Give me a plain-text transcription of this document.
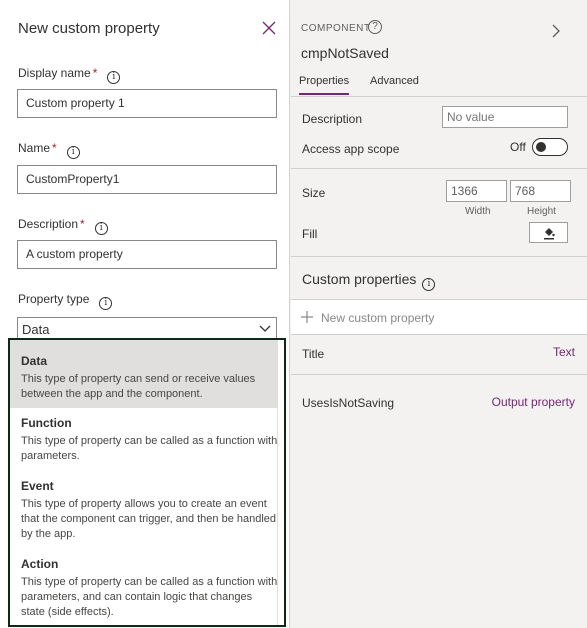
New custom property
Display name * i
Custom property 1
Name * i
CustomProperty1
Description * i
A custom property
Property type i
Data
Data
This type of property can send or receive values between the app and the component.
Function
This type of property can be called as a function with parameters.
Event
This type of property allows you to create an event that the component can trigger, and then be handled by the app.
Action
This type of property can be called as a function with parameters, and can contain logic that changes state (side effects).
COMPONENT ?
cmpNotSaved
Properties Advanced
Description
No value
Access app scope	Off
Size	1366	768
Width	Height
Fill
Custom properties i
New custom property
Title	Text
UsesIsNotSaving	Output property
